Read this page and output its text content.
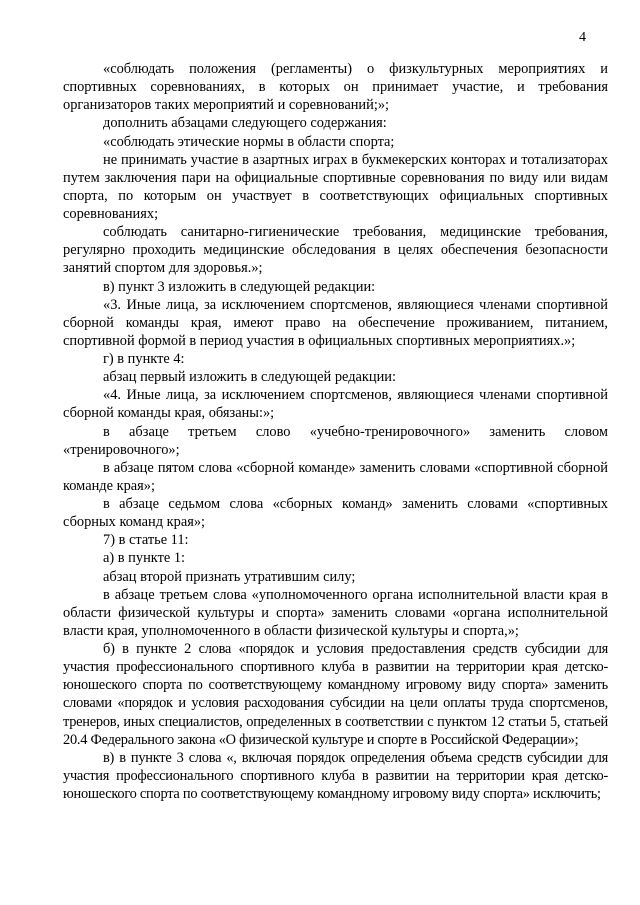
4

«соблюдать положения (регламенты) о физкультурных мероприятиях и спортивных соревнованиях, в которых он принимает участие, и требования организаторов таких мероприятий и соревнований;»;

дополнить абзацами следующего содержания:

«соблюдать этические нормы в области спорта;

не принимать участие в азартных играх в букмекерских конторах и тотализаторах путем заключения пари на официальные спортивные соревнования по виду или видам спорта, по которым он участвует в соответствующих официальных спортивных соревнованиях;

соблюдать санитарно-гигиенические требования, медицинские требования, регулярно проходить медицинские обследования в целях обеспечения безопасности занятий спортом для здоровья.»;

в) пункт 3 изложить в следующей редакции:

«3. Иные лица, за исключением спортсменов, являющиеся членами спортивной сборной команды края, имеют право на обеспечение проживанием, питанием, спортивной формой в период участия в официальных спортивных мероприятиях.»;

г) в пункте 4:

абзац первый изложить в следующей редакции:

«4. Иные лица, за исключением спортсменов, являющиеся членами спортивной сборной команды края, обязаны:»;

в абзаце третьем слово «учебно-тренировочного» заменить словом «тренировочного»;

в абзаце пятом слова «сборной команде» заменить словами «спортивной сборной команде края»;

в абзаце седьмом слова «сборных команд» заменить словами «спортивных сборных команд края»;

7) в статье 11:

а) в пункте 1:

абзац второй признать утратившим силу;

в абзаце третьем слова «уполномоченного органа исполнительной власти края в области физической культуры и спорта» заменить словами «органа исполнительной власти края, уполномоченного в области физической культуры и спорта,»;

б) в пункте 2 слова «порядок и условия предоставления средств субсидии для участия профессионального спортивного клуба в развитии на территории края детско-юношеского спорта по соответствующему командному игровому виду спорта» заменить словами «порядок и условия расходования субсидии на цели оплаты труда спортсменов, тренеров, иных специалистов, определенных в соответствии с пунктом 12 статьи 5, статьей 20.4 Федерального закона «О физической культуре и спорте в Российской Федерации»;

в) в пункте 3 слова «, включая порядок определения объема средств субсидии для участия профессионального спортивного клуба в развитии на территории края детско-юношеского спорта по соответствующему командному игровому виду спорта» исключить;
